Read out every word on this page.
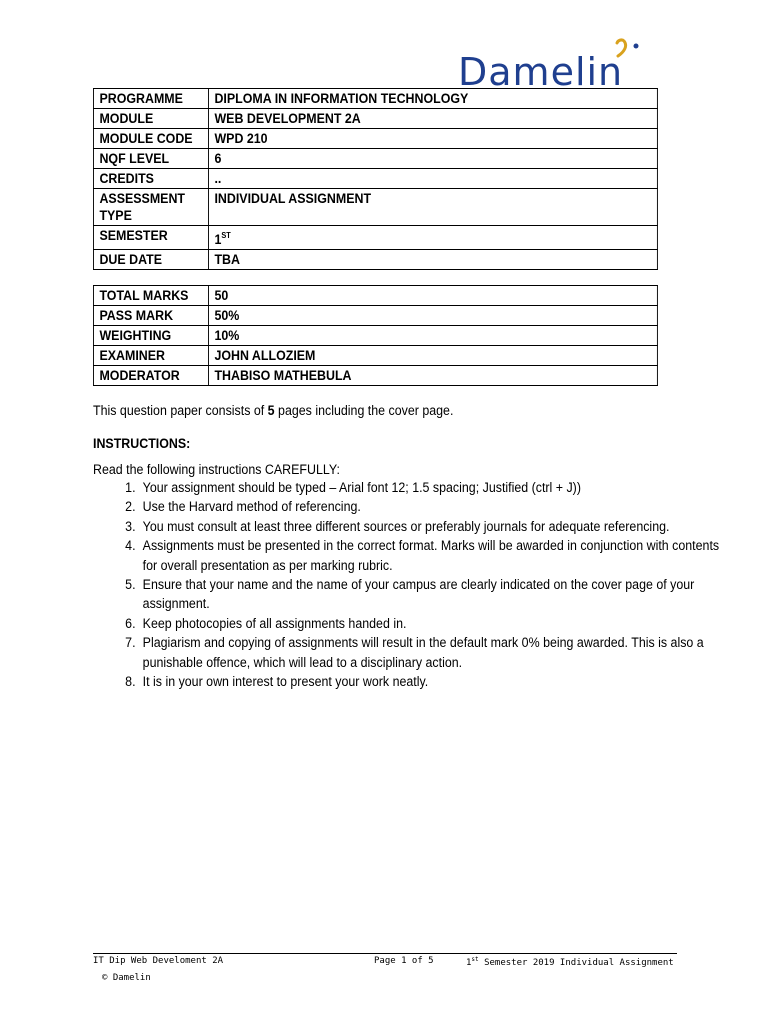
Damelin
PROGRAMME	DIPLOMA IN INFORMATION TECHNOLOGY
MODULE	WEB DEVELOPMENT 2A
MODULE CODE	WPD 210
NQF LEVEL	6
CREDITS	..
ASSESSMENT TYPE	INDIVIDUAL ASSIGNMENT
SEMESTER	1ST
DUE DATE	TBA
TOTAL MARKS	50
PASS MARK	50%
WEIGHTING	10%
EXAMINER	JOHN ALLOZIEM
MODERATOR	THABISO MATHEBULA
This question paper consists of 5 pages including the cover page.
INSTRUCTIONS:
Read the following instructions CAREFULLY:
1. Your assignment should be typed – Arial font 12; 1.5 spacing; Justified (ctrl + J))
2. Use the Harvard method of referencing.
3. You must consult at least three different sources or preferably journals for adequate referencing.
4. Assignments must be presented in the correct format. Marks will be awarded in conjunction with contents for overall presentation as per marking rubric.
5. Ensure that your name and the name of your campus are clearly indicated on the cover page of your assignment.
6. Keep photocopies of all assignments handed in.
7. Plagiarism and copying of assignments will result in the default mark 0% being awarded. This is also a punishable offence, which will lead to a disciplinary action.
8. It is in your own interest to present your work neatly.
IT Dip Web Develoment 2A	Page 1 of 5	1st Semester 2019 Individual Assignment
© Damelin
